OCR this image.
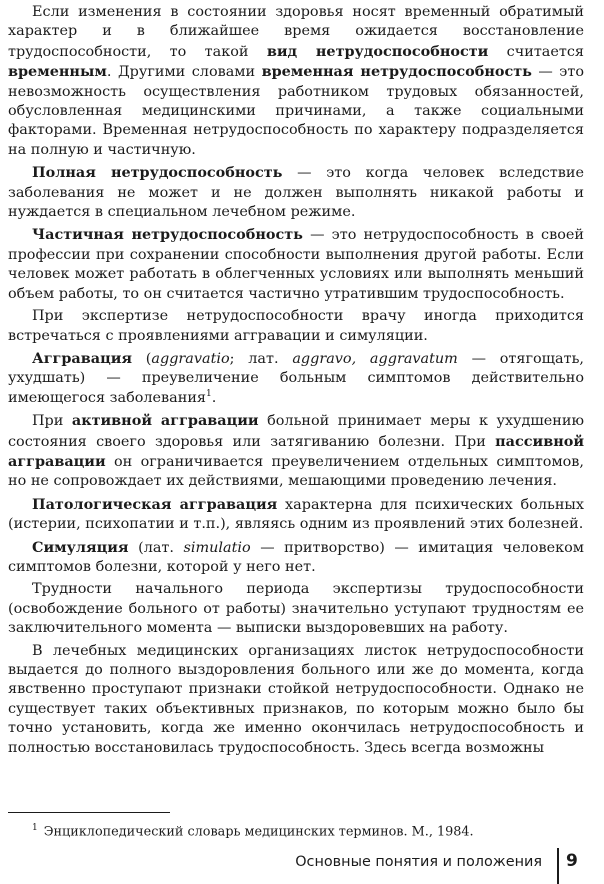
Если изменения в состоянии здоровья носят временный обратимый характер и в ближайшее время ожидается восстановление трудоспособности, то такой вид нетрудоспособности считается временным. Другими словами временная нетрудоспособность — это невозможность осуществления работником трудовых обязанностей, обусловленная медицинскими причинами, а также социальными факторами. Временная нетрудоспособность по характеру подразделяется на полную и частичную.

Полная нетрудоспособность — это когда человек вследствие заболевания не может и не должен выполнять никакой работы и нуждается в специальном лечебном режиме.

Частичная нетрудоспособность — это нетрудоспособность в своей профессии при сохранении способности выполнения другой работы. Если человек может работать в облегченных условиях или выполнять меньший объем работы, то он считается частично утратившим трудоспособность.

При экспертизе нетрудоспособности врачу иногда приходится встречаться с проявлениями аггравации и симуляции.

Аггравация (aggravatio; лат. aggravo, aggravatum — отягощать, ухудшать) — преувеличение больным симптомов действительно имеющегося заболевания$^1$.

При активной аггравации больной принимает меры к ухудшению состояния своего здоровья или затягиванию болезни. При пассивной аггравации он ограничивается преувеличением отдельных симптомов, но не сопровождает их действиями, мешающими проведению лечения.

Патологическая аггравация характерна для психических больных (истерии, психопатии и т.п.), являясь одним из проявлений этих болезней.

Симуляция (лат. simulatio — притворство) — имитация человеком симптомов болезни, которой у него нет.

Трудности начального периода экспертизы трудоспособности (освобождение больного от работы) значительно уступают трудностям ее заключительного момента — выписки выздоровевших на работу.

В лечебных медицинских организациях листок нетрудоспособности выдается до полного выздоровления больного или же до момента, когда явственно проступают признаки стойкой нетрудоспособности. Однако не существует таких объективных признаков, по которым можно было бы точно установить, когда же именно окончилась нетрудоспособность и полностью восстановилась трудоспособность. Здесь всегда возможны

$^1$ Энциклопедический словарь медицинских терминов. М., 1984.
Основные понятия и положения 9
